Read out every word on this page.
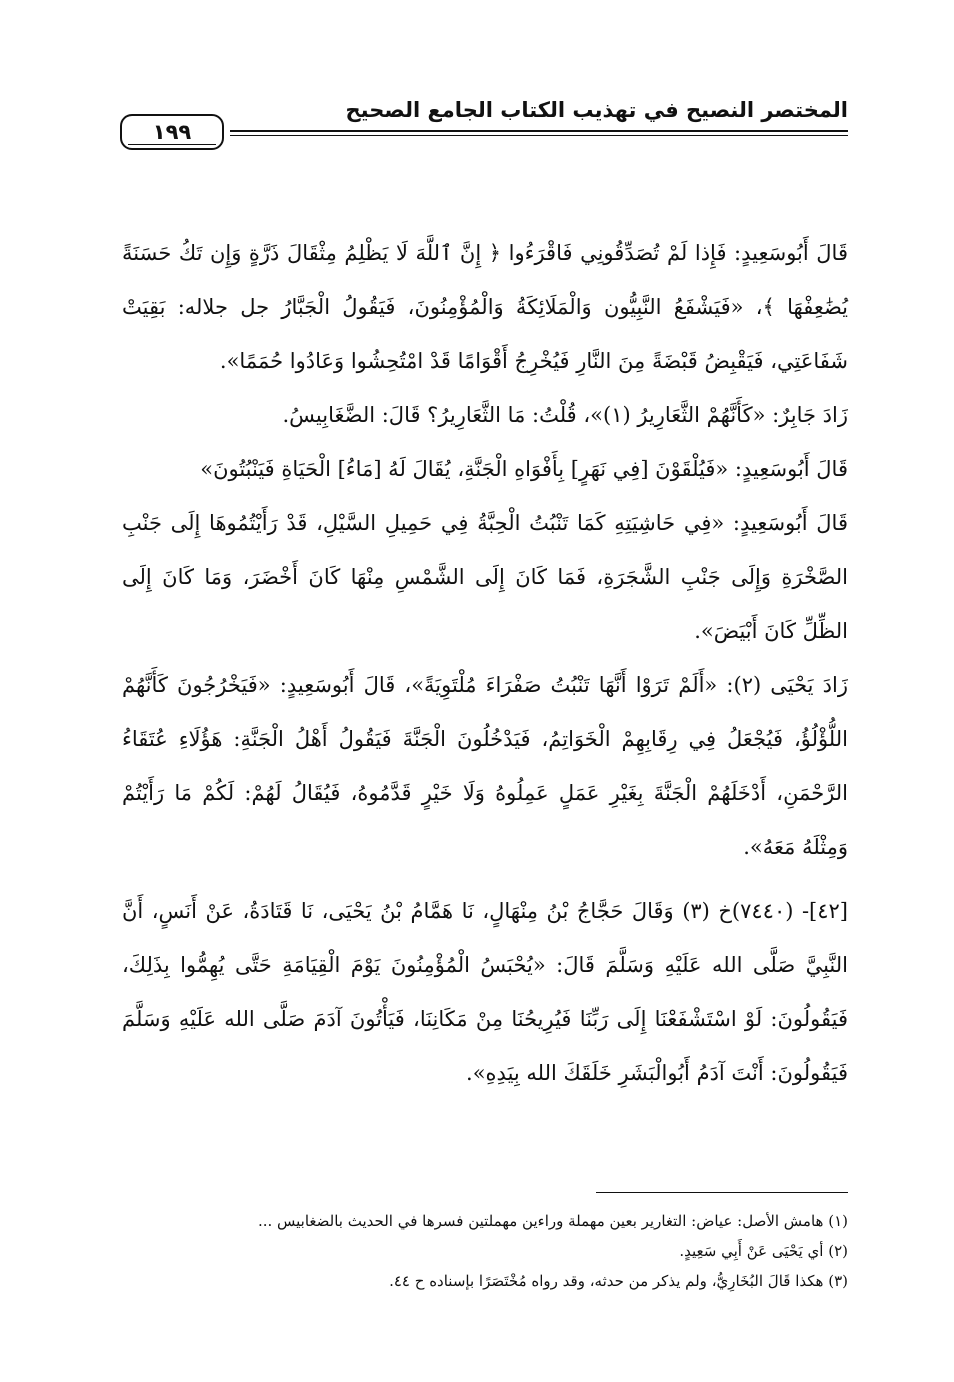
المختصر النصيح في تهذيب الكتاب الجامع الصحيح
١٩٩

قَالَ أَبُوسَعِيدٍ: فَإِذا لَمْ تُصَدِّقُونِي فَاقْرَءُوا ﴿ إِنَّ ٱللَّهَ لَا يَظْلِمُ مِثْقَالَ ذَرَّةٍ وَإِن تَكُ حَسَنَةً يُضَٰعِفْهَا ﴾، «فَيَشْفَعُ النَّبِيُّون وَالْمَلَائِكَةُ وَالْمُؤْمِنُونَ، فَيَقُولُ الْجَبَّارُ جل جلاله: بَقِيَتْ شَفَاعَتِي، فَيَقْبِضُ قَبْضَةً مِنَ النَّارِ فَيُخْرِجُ أَقْوَامًا قَدْ امْتُحِشُوا وَعَادُوا حُمَمًا».

زَادَ جَابِرٌ: «كَأَنَّهُمْ الثَّعَارِيرُ (١)»، قُلْتُ: مَا الثَّعَارِيرُ؟ قَالَ: الضَّغَابِيسُ.

قَالَ أَبُوسَعِيدٍ: «فَيُلْقَوْنَ [فِي نَهَرٍ] بِأَفْوَاهِ الْجَنَّةِ، يُقَالَ لَهُ [مَاءُ] الْحَيَاةِ فَيَنْبُتُونَ»

قَالَ أَبُوسَعِيدٍ: «فِي حَاشِيَتِهِ كَمَا تَنْبُتُ الْحِبَّةُ فِي حَمِيلِ السَّيْلِ، قَدْ رَأَيْتُمُوهَا إِلَى جَنْبِ الصَّخْرَةِ وَإِلَى جَنْبِ الشَّجَرَةِ، فَمَا كَانَ إِلَى الشَّمْسِ مِنْهَا كَانَ أَخْضَرَ، وَمَا كَانَ إِلَى الظِّلِّ كَانَ أَبْيَضَ».

زَادَ يَحْيَى (٢): «أَلَمْ تَرَوْا أَنَّهَا تَنْبُتُ صَفْرَاءَ مُلْتَوِيَةً»، قَالَ أَبُوسَعِيدٍ: «فَيَخْرُجُونَ كَأَنَّهُمْ اللُّؤْلُؤُ، فَيُجْعَلُ فِي رِقَابِهِمْ الْخَوَاتِمُ، فَيَدْخُلُونَ الْجَنَّةَ فَيَقُولُ أَهْلُ الْجَنَّةِ: هَؤُلَاءِ عُتَقَاءُ الرَّحْمَنِ، أَدْخَلَهُمْ الْجَنَّةَ بِغَيْرِ عَمَلٍ عَمِلُوهُ وَلَا خَيْرٍ قَدَّمُوهُ، فَيُقَالُ لَهُمْ: لَكُمْ مَا رَأَيْتُمْ وَمِثْلَهُ مَعَهُ».

[٤٢]- (٧٤٤٠)خ (٣) وَقَالَ حَجَّاجُ بْنُ مِنْهَالٍ، نَا هَمَّامُ بْنُ يَحْيَى، نَا قَتَادَةُ، عَنْ أَنَسٍ، أَنَّ النَّبِيَّ صَلَّى الله عَلَيْهِ وَسَلَّمَ قَالَ: «يُحْبَسُ الْمُؤْمِنُونَ يَوْمَ الْقِيَامَةِ حَتَّى يُهِمُّوا بِذَلِكَ، فَيَقُولُونَ: لَوْ اسْتَشْفَعْنَا إِلَى رَبِّنَا فَيُرِيحُنَا مِنْ مَكَانِنَا، فَيَأْتُونَ آدَمَ صَلَّى الله عَلَيْهِ وَسَلَّمَ فَيَقُولُونَ: أَنْتَ آدَمُ أَبُوالْبَشَرِ خَلَقَكَ الله بِيَدِهِ».

(١) هامش الأصل: عياض: التغارير بعين مهملة وراءين مهملتين فسرها في الحديث بالضغابيس ...

(٢) أي يَحْيَى عَنْ أَبِي سَعِيدٍ.

(٣) هكذا قَالَ البُخَارِيُّ، ولم يذكر من حدثه، وقد رواه مُخْتَصَرًا بإسناده ح ٤٤.
